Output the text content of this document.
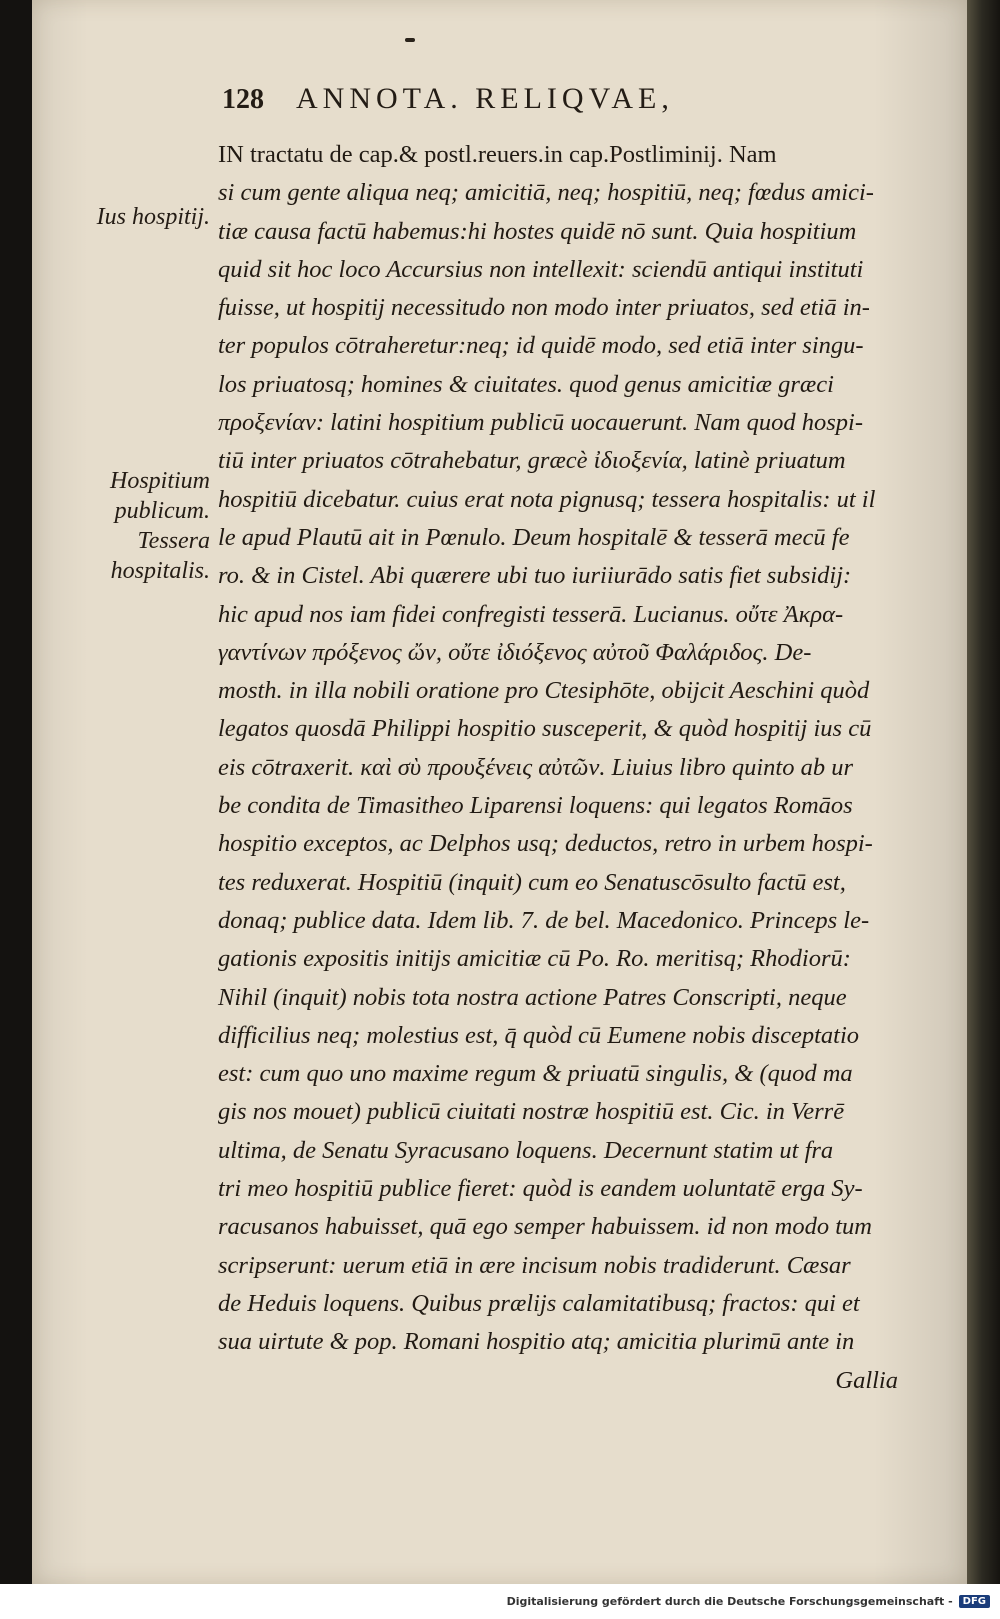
128 ANNOTA. RELIQVAE,
Ius hospitij.
Hospitium publicum. Tessera hospitalis.
IN tractatu de cap.& postl.reuers.in cap.Postliminij. Nam
si cum gente aliqua neq; amicitiā, neq; hospitiū, neq; fœdus amici-
tiæ causa factū habemus:hi hostes quidē nō sunt. Quia hospitium
quid sit hoc loco Accursius non intellexit: sciendū antiqui instituti
fuisse, ut hospitij necessitudo non modo inter priuatos, sed etiā in-
ter populos cōtraheretur:neq; id quidē modo, sed etiā inter singu-
los priuatosq; homines & ciuitates. quod genus amicitiæ græci
προξενίαν: latini hospitium publicū uocauerunt. Nam quod hospi-
tiū inter priuatos cōtrahebatur, græcè ἰδιοξενία, latinè priuatum
hospitiū dicebatur. cuius erat nota pignusq; tessera hospitalis: ut il
le apud Plautū ait in Pœnulo. Deum hospitalē & tesserā mecū fe
ro. & in Cistel. Abi quærere ubi tuo iuriiurādo satis fiet subsidij:
hic apud nos iam fidei confregisti tesserā. Lucianus. οὔτε Ἀκρα-
γαντίνων πρόξενος ὤν, οὔτε ἰδιόξενος αὐτοῦ Φαλάριδος. De-
mosth. in illa nobili oratione pro Ctesiphōte, obijcit Aeschini quòd
legatos quosdā Philippi hospitio susceperit, & quòd hospitij ius cū
eis cōtraxerit. καὶ σὺ προυξένεις αὐτῶν. Liuius libro quinto ab ur
be condita de Timasitheo Liparensi loquens: qui legatos Romāos
hospitio exceptos, ac Delphos usq; deductos, retro in urbem hospi-
tes reduxerat. Hospitiū (inquit) cum eo Senatuscōsulto factū est,
donaq; publice data. Idem lib. 7. de bel. Macedonico. Princeps le-
gationis expositis initijs amicitiæ cū Po. Ro. meritisq; Rhodiorū:
Nihil (inquit) nobis tota nostra actione Patres Conscripti, neque
difficilius neq; molestius est, q̄ quòd cū Eumene nobis disceptatio
est: cum quo uno maxime regum & priuatū singulis, & (quod ma
gis nos mouet) publicū ciuitati nostræ hospitiū est. Cic. in Verrē
ultima, de Senatu Syracusano loquens. Decernunt statim ut fra
tri meo hospitiū publice fieret: quòd is eandem uoluntatē erga Sy-
racusanos habuisset, quā ego semper habuissem. id non modo tum
scripserunt: uerum etiā in ære incisum nobis tradiderunt. Cæsar
de Heduis loquens. Quibus prælijs calamitatibusq; fractos: qui et
sua uirtute & pop. Romani hospitio atq; amicitia plurimū ante in
Gallia
Digitalisierung gefördert durch die Deutsche Forschungsgemeinschaft -	DFG
